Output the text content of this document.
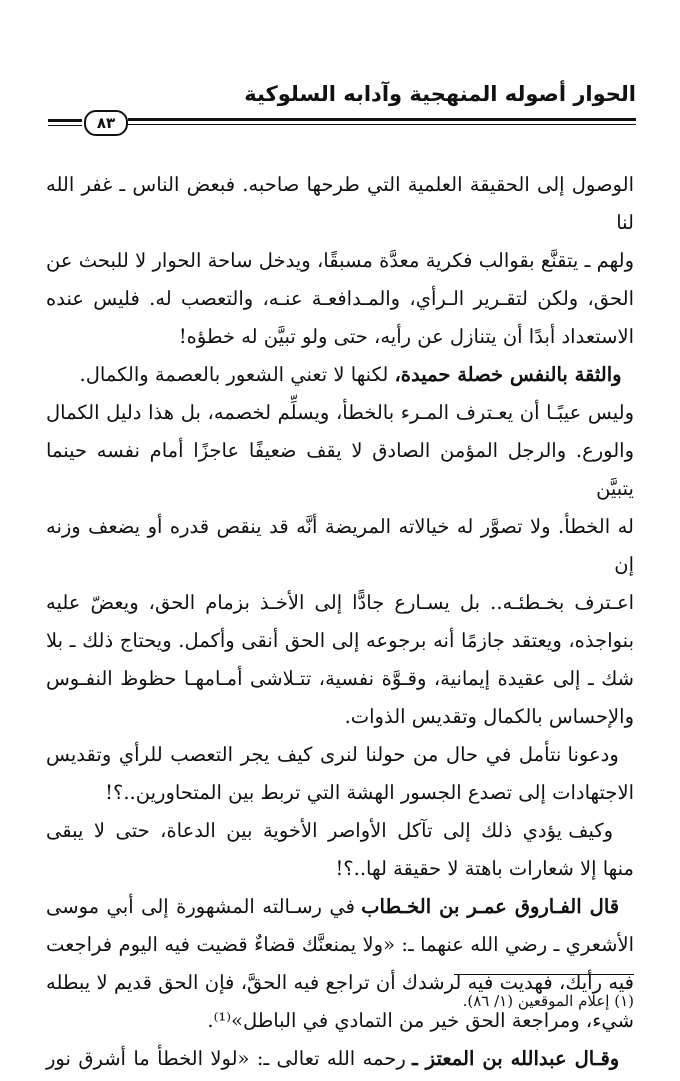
الحوار أصوله المنهجية وآدابه السلوكية
٨٣

الوصول إلى الحقيقة العلمية التي طرحها صاحبه. فبعض الناس ـ غفر الله لنا

ولهم ـ يتقنَّع بقوالب فكرية معدَّة مسبقًا، ويدخل ساحة الحوار لا للبحث عن

الحق، ولكن لتقـرير الـرأي، والمـدافعـة عنـه، والتعصب له. فليس عنده

الاستعداد أبدًا أن يتنازل عن رأيه، حتى ولو تبيَّن له خطؤه!

والثقة بالنفس خصلة حميدة، لكنها لا تعني الشعور بالعصمة والكمال.

وليس عيبًـا أن يعـترف المـرء بالخطأ، ويسلِّم لخصمه، بل هذا دليل الكمال

والورع. والرجل المؤمن الصادق لا يقف ضعيفًا عاجزًا أمام نفسه حينما يتبيَّن

له الخطأ. ولا تصوَّر له خيالاته المريضة أنَّه قد ينقص قدره أو يضعف وزنه إن

اعـترف بخـطئـه.. بل يسـارع جادًّا إلى الأخـذ بزمام الحق، ويعضّ عليه

بنواجذه، ويعتقد جازمًا أنه برجوعه إلى الحق أنقى وأكمل. ويحتاج ذلك ـ بلا

شك ـ إلى عقيدة إيمانية، وقـوَّة نفسية، تتـلاشى أمـامهـا حظوظ النفـوس

والإحساس بالكمال وتقديس الذوات.

ودعونا نتأمل في حال من حولنا لنرى كيف يجر التعصب للرأي وتقديس

الاجتهادات إلى تصدع الجسور الهشة التي تربط بين المتحاورين..؟!

وكيف يؤدي ذلك إلى تآكل الأواصر الأخوية بين الدعاة، حتى لا يبقى

منها إلا شعارات باهتة لا حقيقة لها..؟!

قال الفـاروق عمـر بن الخـطاب في رسـالته المشهورة إلى أبي موسى

الأشعري ـ رضي الله عنهما ـ: «ولا يمنعنَّك قضاءٌ قضيت فيه اليوم فراجعت

فيه رأيك، فهديت فيه لرشدك أن تراجع فيه الحقَّ، فإن الحق قديم لا يبطله

شيء، ومراجعة الحق خير من التمادي في الباطل»⁽¹⁾.

وقـال عبدالله بن المعتز ـ رحمه الله تعالى ـ: «لولا الخطأ ما أشرق نور

(١) إعلام الموقعين (١/ ٨٦).
